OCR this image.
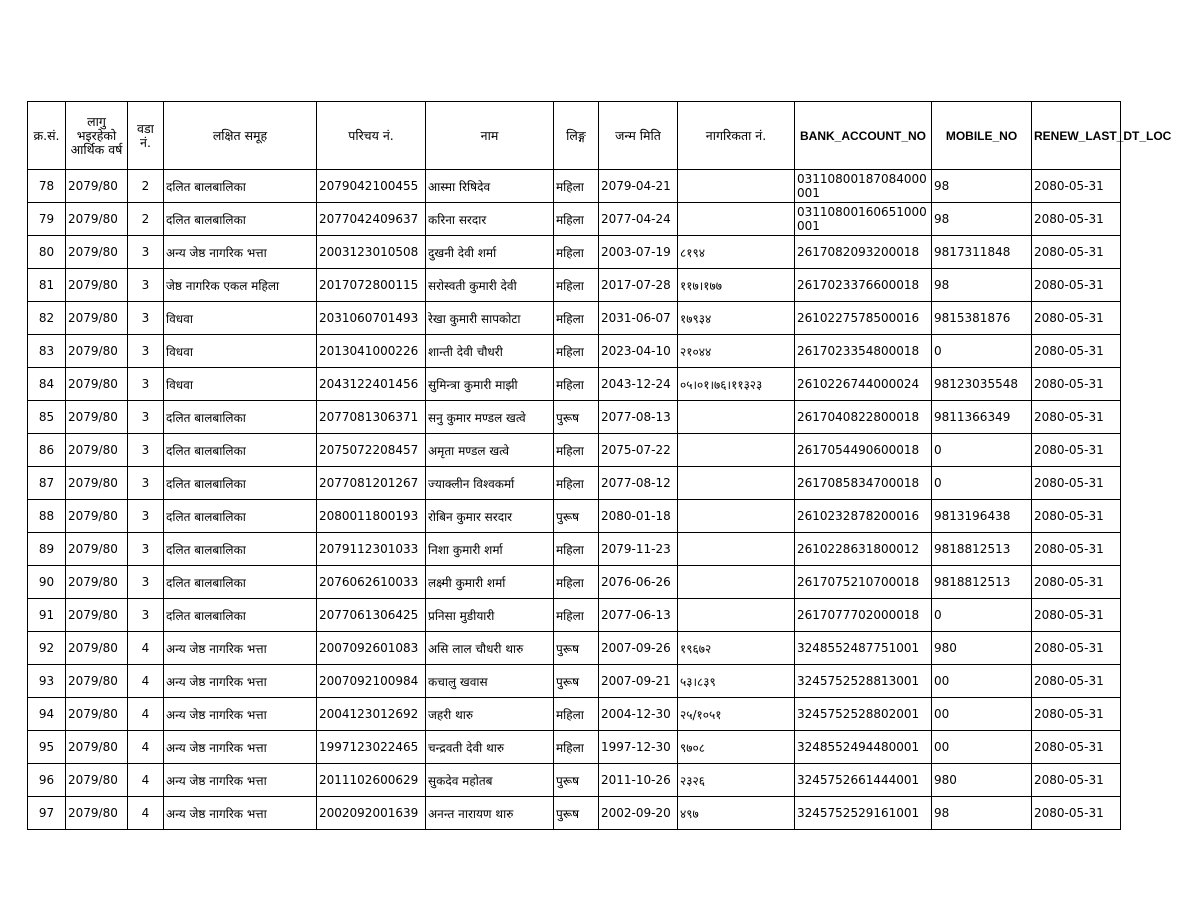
क्र.सं.	लागु भइरहेको आर्थिक वर्ष	वडा नं.	लक्षित समूह	परिचय नं.	नाम	लिङ्ग	जन्म मिति	नागरिकता नं.	BANK_ACCOUNT_NO	MOBILE_NO	RENEW_LAST_DT_LOC
78	2079/80	2	दलित बालबालिका	2079042100455	आस्मा रिषिदेव	महिला	2079-04-21		03110800187084000001	98	2080-05-31
79	2079/80	2	दलित बालबालिका	2077042409637	करिना सरदार	महिला	2077-04-24		03110800160651000001	98	2080-05-31
80	2079/80	3	अन्य जेष्ठ नागरिक भत्ता	2003123010508	दुखनी देवी शर्मा	महिला	2003-07-19	८१९४	2617082093200018	9817311848	2080-05-31
81	2079/80	3	जेष्ठ नागरिक एकल महिला	2017072800115	सरोस्वती कुमारी देवी	महिला	2017-07-28	११७।१७७	2617023376600018	98	2080-05-31
82	2079/80	3	विधवा	2031060701493	रेखा कुमारी सापकोटा	महिला	2031-06-07	१७९३४	2610227578500016	9815381876	2080-05-31
83	2079/80	3	विधवा	2013041000226	शान्ती देवी चौधरी	महिला	2023-04-10	२१०४४	2617023354800018	0	2080-05-31
84	2079/80	3	विधवा	2043122401456	सुमिन्त्रा कुमारी माझी	महिला	2043-12-24	०५।०१।७६।११३२३	2610226744000024	98123035548	2080-05-31
85	2079/80	3	दलित बालबालिका	2077081306371	सनु कुमार मण्डल खत्वे	पुरूष	2077-08-13		2617040822800018	9811366349	2080-05-31
86	2079/80	3	दलित बालबालिका	2075072208457	अमृता मण्डल खत्वे	महिला	2075-07-22		2617054490600018	0	2080-05-31
87	2079/80	3	दलित बालबालिका	2077081201267	ज्याक्लीन विश्वकर्मा	महिला	2077-08-12		2617085834700018	0	2080-05-31
88	2079/80	3	दलित बालबालिका	2080011800193	रोबिन कुमार सरदार	पुरूष	2080-01-18		2610232878200016	9813196438	2080-05-31
89	2079/80	3	दलित बालबालिका	2079112301033	निशा कुमारी शर्मा	महिला	2079-11-23		2610228631800012	9818812513	2080-05-31
90	2079/80	3	दलित बालबालिका	2076062610033	लक्ष्मी कुमारी शर्मा	महिला	2076-06-26		2617075210700018	9818812513	2080-05-31
91	2079/80	3	दलित बालबालिका	2077061306425	प्रनिसा मुडीयारी	महिला	2077-06-13		2617077702000018	0	2080-05-31
92	2079/80	4	अन्य जेष्ठ नागरिक भत्ता	2007092601083	असि लाल चौधरी थारु	पुरूष	2007-09-26	१९६७२	3248552487751001	980	2080-05-31
93	2079/80	4	अन्य जेष्ठ नागरिक भत्ता	2007092100984	कचालु खवास	पुरूष	2007-09-21	५३।८३९	3245752528813001	00	2080-05-31
94	2079/80	4	अन्य जेष्ठ नागरिक भत्ता	2004123012692	जहरी थारु	महिला	2004-12-30	२५/१०५१	3245752528802001	00	2080-05-31
95	2079/80	4	अन्य जेष्ठ नागरिक भत्ता	1997123022465	चन्द्रवती देवी थारु	महिला	1997-12-30	९७०८	3248552494480001	00	2080-05-31
96	2079/80	4	अन्य जेष्ठ नागरिक भत्ता	2011102600629	सुकदेव महोतब	पुरूष	2011-10-26	२३२६	3245752661444001	980	2080-05-31
97	2079/80	4	अन्य जेष्ठ नागरिक भत्ता	2002092001639	अनन्त नारायण थारु	पुरूष	2002-09-20	४९७	3245752529161001	98	2080-05-31
